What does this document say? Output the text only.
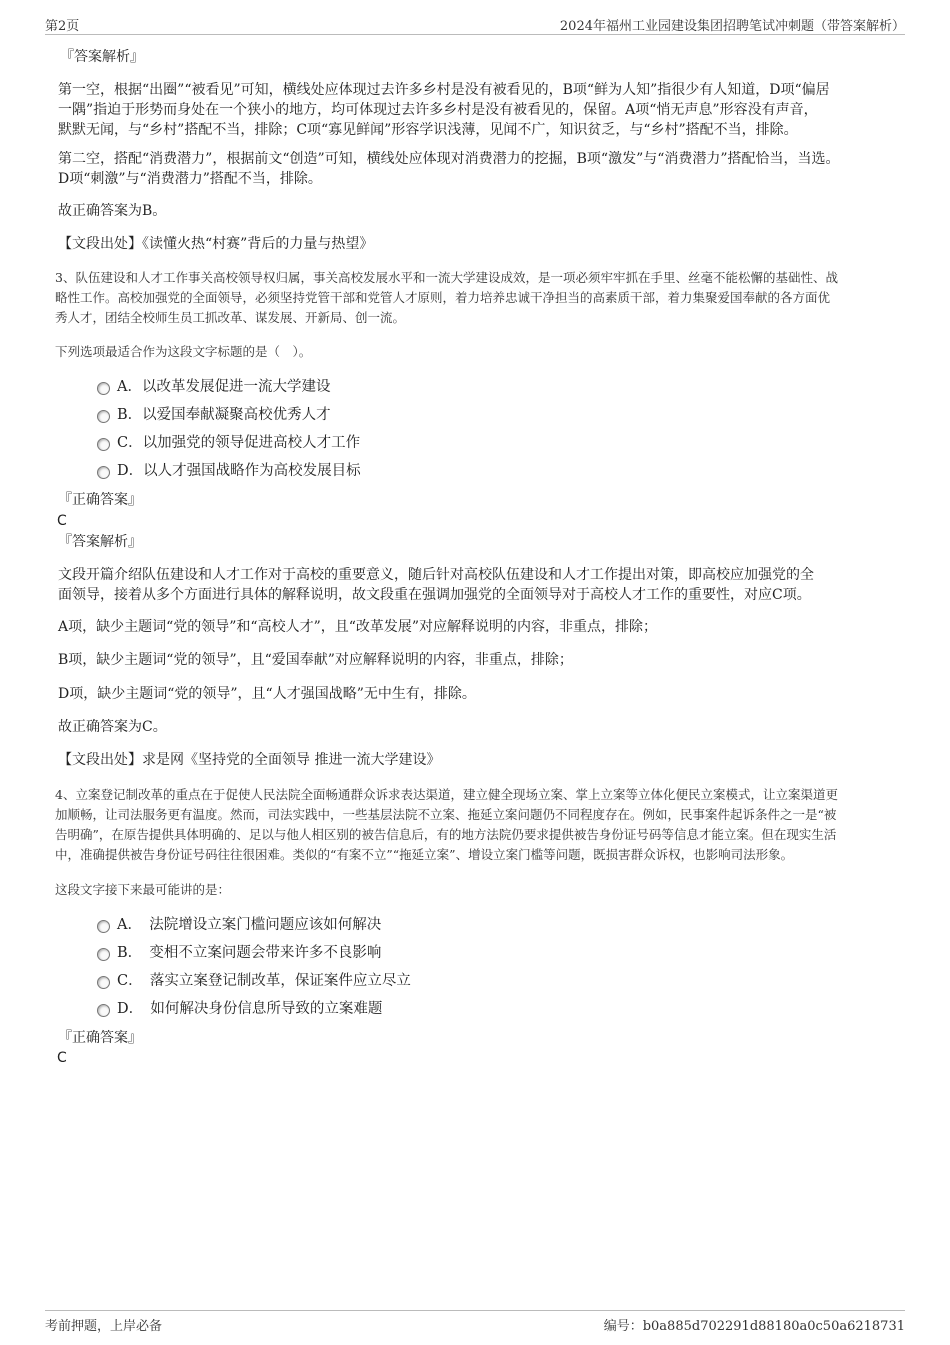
第2页	2024年福州工业园建设集团招聘笔试冲刺题（带答案解析）
『答案解析』

第一空，根据“出圈”“被看见”可知，横线处应体现过去许多乡村是没有被看见的，B项“鲜为人知”指很少有人知道，D项“偏居

一隅”指迫于形势而身处在一个狭小的地方，均可体现过去许多乡村是没有被看见的，保留。A项“悄无声息”形容没有声音，

默默无闻，与“乡村”搭配不当，排除；C项“寡见鲜闻”形容学识浅薄，见闻不广，知识贫乏，与“乡村”搭配不当，排除。

第二空，搭配“消费潜力”，根据前文“创造”可知，横线处应体现对消费潜力的挖掘，B项“激发”与“消费潜力”搭配恰当，当选。

D项“刺激”与“消费潜力”搭配不当，排除。

故正确答案为B。

【文段出处】《读懂火热“村赛”背后的力量与热望》

3、队伍建设和人才工作事关高校领导权归属，事关高校发展水平和一流大学建设成效，是一项必须牢牢抓在手里、丝毫不能松懈的基础性、战

略性工作。高校加强党的全面领导，必须坚持党管干部和党管人才原则，着力培养忠诚干净担当的高素质干部，着力集聚爱国奉献的各方面优

秀人才，团结全校师生员工抓改革、谋发展、开新局、创一流。

下列选项最适合作为这段文字标题的是（　）。

A．以改革发展促进一流大学建设
B．以爱国奉献凝聚高校优秀人才
C．以加强党的领导促进高校人才工作
D．以人才强国战略作为高校发展目标

『正确答案』

C

『答案解析』

文段开篇介绍队伍建设和人才工作对于高校的重要意义，随后针对高校队伍建设和人才工作提出对策，即高校应加强党的全

面领导，接着从多个方面进行具体的解释说明，故文段重在强调加强党的全面领导对于高校人才工作的重要性，对应C项。

A项，缺少主题词“党的领导”和“高校人才”，且“改革发展”对应解释说明的内容，非重点，排除；

B项，缺少主题词“党的领导”，且“爱国奉献”对应解释说明的内容，非重点，排除；

D项，缺少主题词“党的领导”，且“人才强国战略”无中生有，排除。

故正确答案为C。

【文段出处】求是网《坚持党的全面领导 推进一流大学建设》

4、立案登记制改革的重点在于促使人民法院全面畅通群众诉求表达渠道，建立健全现场立案、掌上立案等立体化便民立案模式，让立案渠道更

加顺畅，让司法服务更有温度。然而，司法实践中，一些基层法院不立案、拖延立案问题仍不同程度存在。例如，民事案件起诉条件之一是“被

告明确”，在原告提供具体明确的、足以与他人相区别的被告信息后，有的地方法院仍要求提供被告身份证号码等信息才能立案。但在现实生活

中，准确提供被告身份证号码往往很困难。类似的“有案不立”“拖延立案”、增设立案门槛等问题，既损害群众诉权，也影响司法形象。

这段文字接下来最可能讲的是：

A．　法院增设立案门槛问题应该如何解决
B．　变相不立案问题会带来许多不良影响
C．　落实立案登记制改革，保证案件应立尽立
D．　如何解决身份信息所导致的立案难题

『正确答案』

C

考前押题，上岸必备	编号：b0a885d702291d88180a0c50a6218731
